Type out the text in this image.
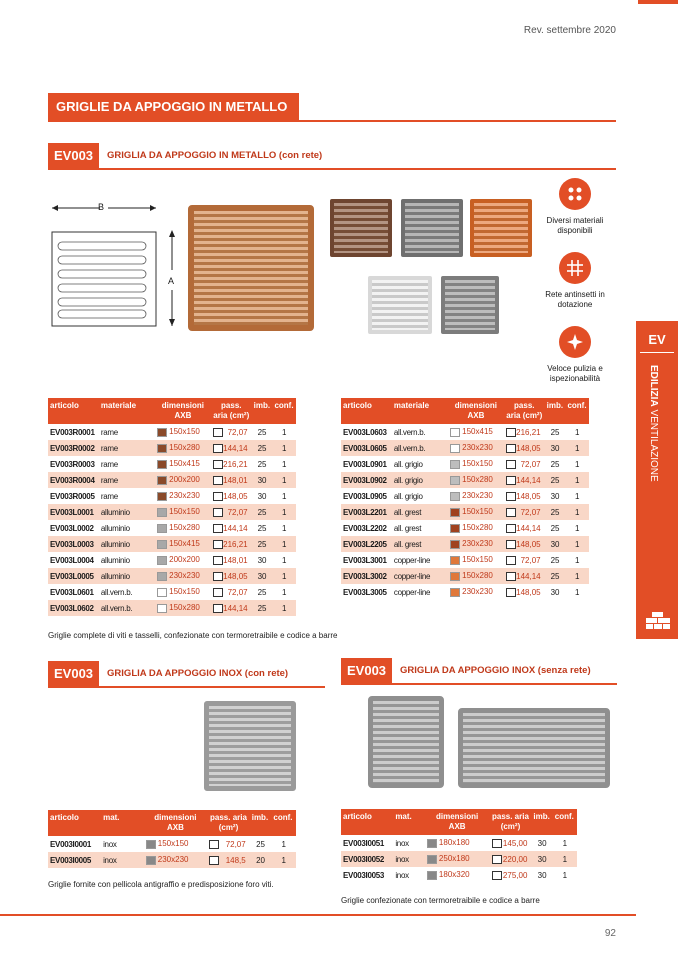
Rev. settembre 2020
GRIGLIE DA APPOGGIO IN METALLO
EV003	GRIGLIA DA APPOGGIO IN METALLO (con rete)
B
A
Diversi materiali disponibili
Rete antinsetti in dotazione
Veloce pulizia e ispezionabilità
articolo	materiale	dimensioni AXB	pass. aria (cm²)	imb.	conf.
EV003R0001	rame	150x150	72,07	25	1
EV003R0002	rame	150x280	144,14	25	1
EV003R0003	rame	150x415	216,21	25	1
EV003R0004	rame	200x200	148,01	30	1
EV003R0005	rame	230x230	148,05	30	1
EV003L0001	alluminio	150x150	72,07	25	1
EV003L0002	alluminio	150x280	144,14	25	1
EV003L0003	alluminio	150x415	216,21	25	1
EV003L0004	alluminio	200x200	148,01	30	1
EV003L0005	alluminio	230x230	148,05	30	1
EV003L0601	all.vern.b.	150x150	72,07	25	1
EV003L0602	all.vern.b.	150x280	144,14	25	1
articolo	materiale	dimensioni AXB	pass. aria (cm²)	imb.	conf.
EV003L0603	all.vern.b.	150x415	216,21	25	1
EV003L0605	all.vern.b.	230x230	148,05	30	1
EV003L0901	all. grigio	150x150	72,07	25	1
EV003L0902	all. grigio	150x280	144,14	25	1
EV003L0905	all. grigio	230x230	148,05	30	1
EV003L2201	all. grest	150x150	72,07	25	1
EV003L2202	all. grest	150x280	144,14	25	1
EV003L2205	all. grest	230x230	148,05	30	1
EV003L3001	copper-line	150x150	72,07	25	1
EV003L3002	copper-line	150x280	144,14	25	1
EV003L3005	copper-line	230x230	148,05	30	1
Griglie complete di viti e tasselli, confezionate con termoretraibile e codice a barre
EV003	GRIGLIA DA APPOGGIO INOX (con rete)
articolo	mat.	dimensioni AXB	pass. aria (cm²)	imb.	conf.
EV003I0001	inox	150x150	72,07	25	1
EV003I0005	inox	230x230	148,5	20	1
Griglie fornite con pellicola antigraffio e predisposizione foro viti.
EV003	GRIGLIA DA APPOGGIO INOX (senza rete)
articolo	mat.	dimensioni AXB	pass. aria (cm²)	imb.	conf.
EV003I0051	inox	180x180	145,00	30	1
EV003I0052	inox	250x180	220,00	30	1
EV003I0053	inox	180x320	275,00	30	1
Griglie confezionate con termoretraibile e codice a barre
EV
EDILIZIA VENTILAZIONE
92
